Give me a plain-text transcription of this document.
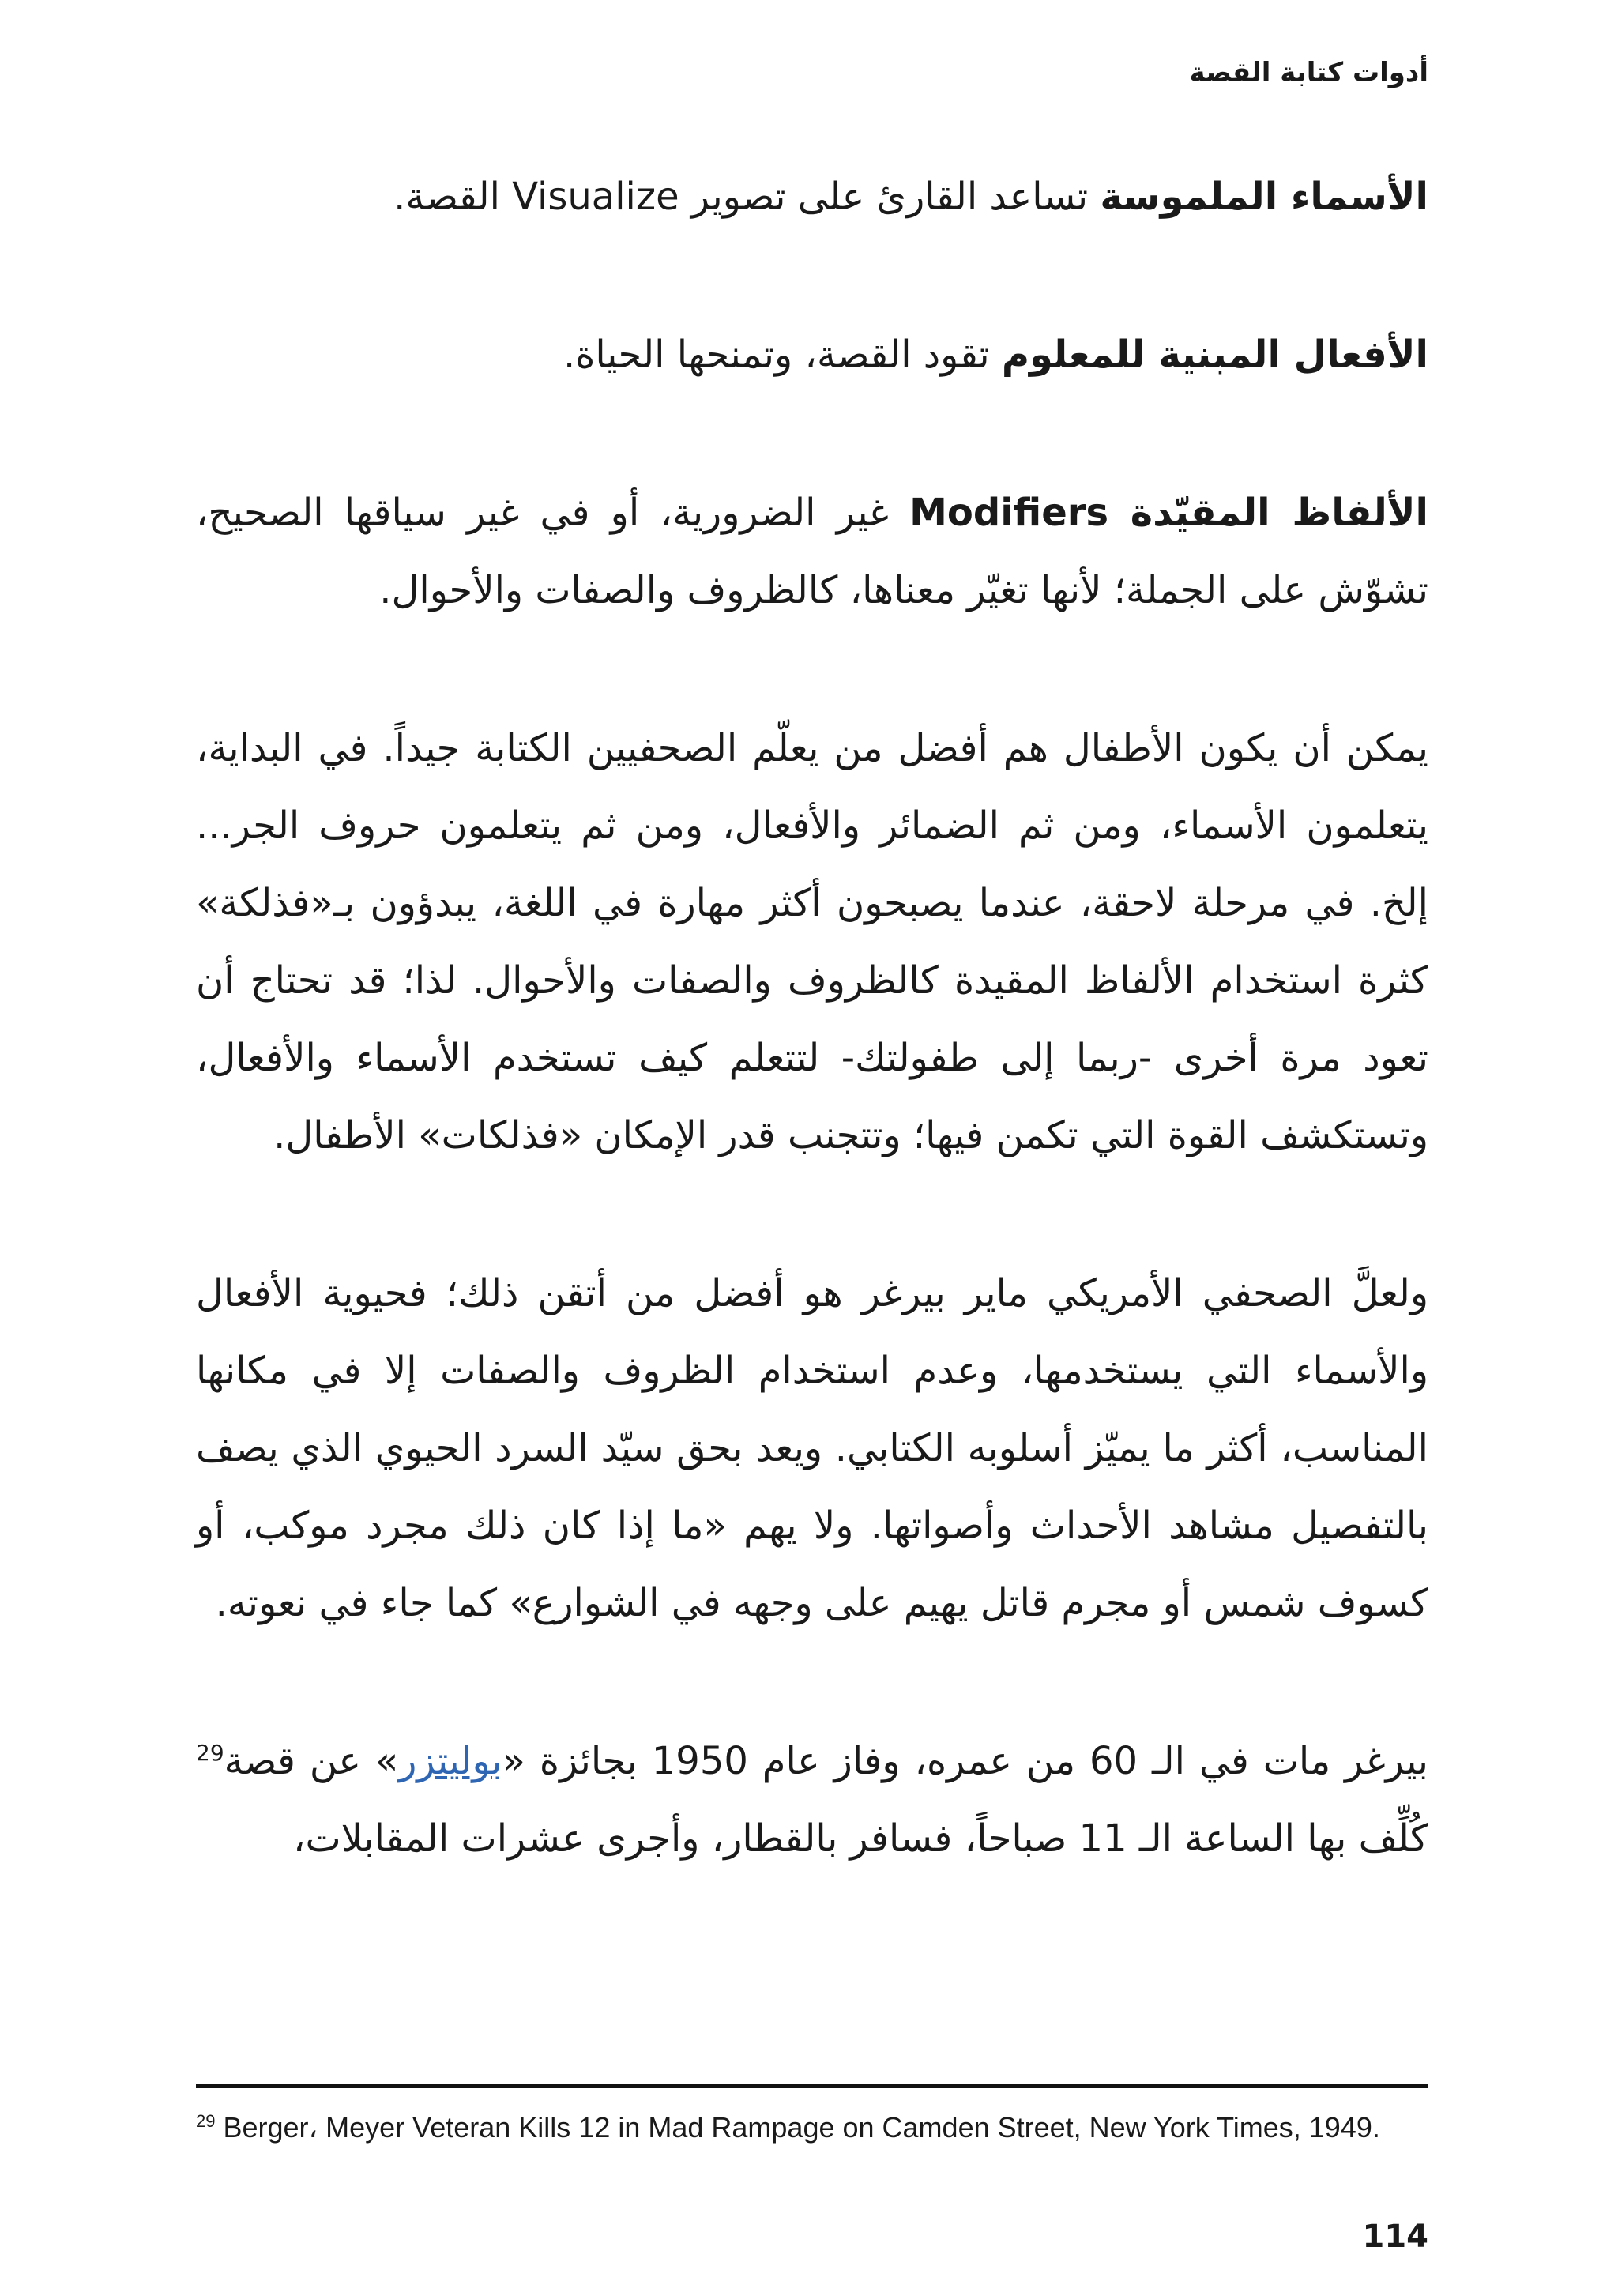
أدوات كتابة القصة

الأسماء الملموسة تساعد القارئ على تصوير Visualize القصة.

الأفعال المبنية للمعلوم تقود القصة، وتمنحها الحياة.

الألفاظ المقيّدة Modifiers غير الضرورية، أو في غير سياقها الصحيح، تشوّش على الجملة؛ لأنها تغيّر معناها، كالظروف والصفات والأحوال.

يمكن أن يكون الأطفال هم أفضل من يعلّم الصحفيين الكتابة جيداً. في البداية، يتعلمون الأسماء، ومن ثم الضمائر والأفعال، ومن ثم يتعلمون حروف الجر... إلخ. في مرحلة لاحقة، عندما يصبحون أكثر مهارة في اللغة، يبدؤون بـ«فذلكة» كثرة استخدام الألفاظ المقيدة كالظروف والصفات والأحوال. لذا؛ قد تحتاج أن تعود مرة أخرى -ربما إلى طفولتك- لتتعلم كيف تستخدم الأسماء والأفعال، وتستكشف القوة التي تكمن فيها؛ وتتجنب قدر الإمكان «فذلكات» الأطفال.

ولعلَّ الصحفي الأمريكي ماير بيرغر هو أفضل من أتقن ذلك؛ فحيوية الأفعال والأسماء التي يستخدمها، وعدم استخدام الظروف والصفات إلا في مكانها المناسب، أكثر ما يميّز أسلوبه الكتابي. ويعد بحق سيّد السرد الحيوي الذي يصف بالتفصيل مشاهد الأحداث وأصواتها. ولا يهم «ما إذا كان ذلك مجرد موكب، أو كسوف شمس أو مجرم قاتل يهيم على وجهه في الشوارع» كما جاء في نعوته.

بيرغر مات في الـ 60 من عمره، وفاز عام 1950 بجائزة «بوليتزر» عن قصة$^{29}$ كُلِّف بها الساعة الـ 11 صباحاً، فسافر بالقطار، وأجرى عشرات المقابلات،

$^{29}$ Berger، Meyer Veteran Kills 12 in Mad Rampage on Camden Street, New York Times, 1949.
114
